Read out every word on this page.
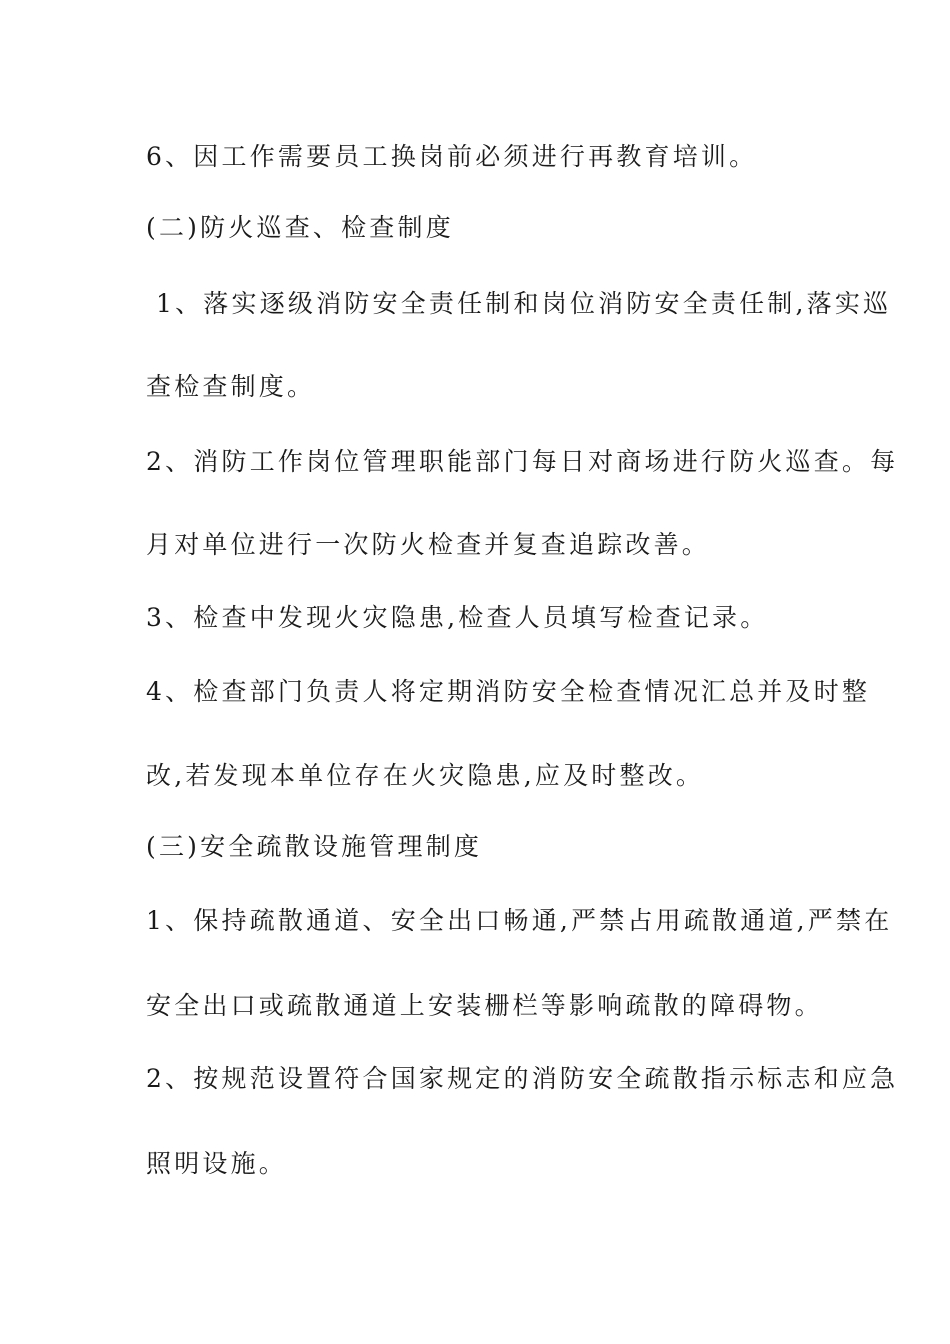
6、因工作需要员工换岗前必须进行再教育培训。
(二)防火巡查、检查制度
1、落实逐级消防安全责任制和岗位消防安全责任制,落实巡
查检查制度。
2、消防工作岗位管理职能部门每日对商场进行防火巡查。每
月对单位进行一次防火检查并复查追踪改善。
3、检查中发现火灾隐患,检查人员填写检查记录。
4、检查部门负责人将定期消防安全检查情况汇总并及时整
改,若发现本单位存在火灾隐患,应及时整改。
(三)安全疏散设施管理制度
1、保持疏散通道、安全出口畅通,严禁占用疏散通道,严禁在
安全出口或疏散通道上安装栅栏等影响疏散的障碍物。
2、按规范设置符合国家规定的消防安全疏散指示标志和应急
照明设施。
